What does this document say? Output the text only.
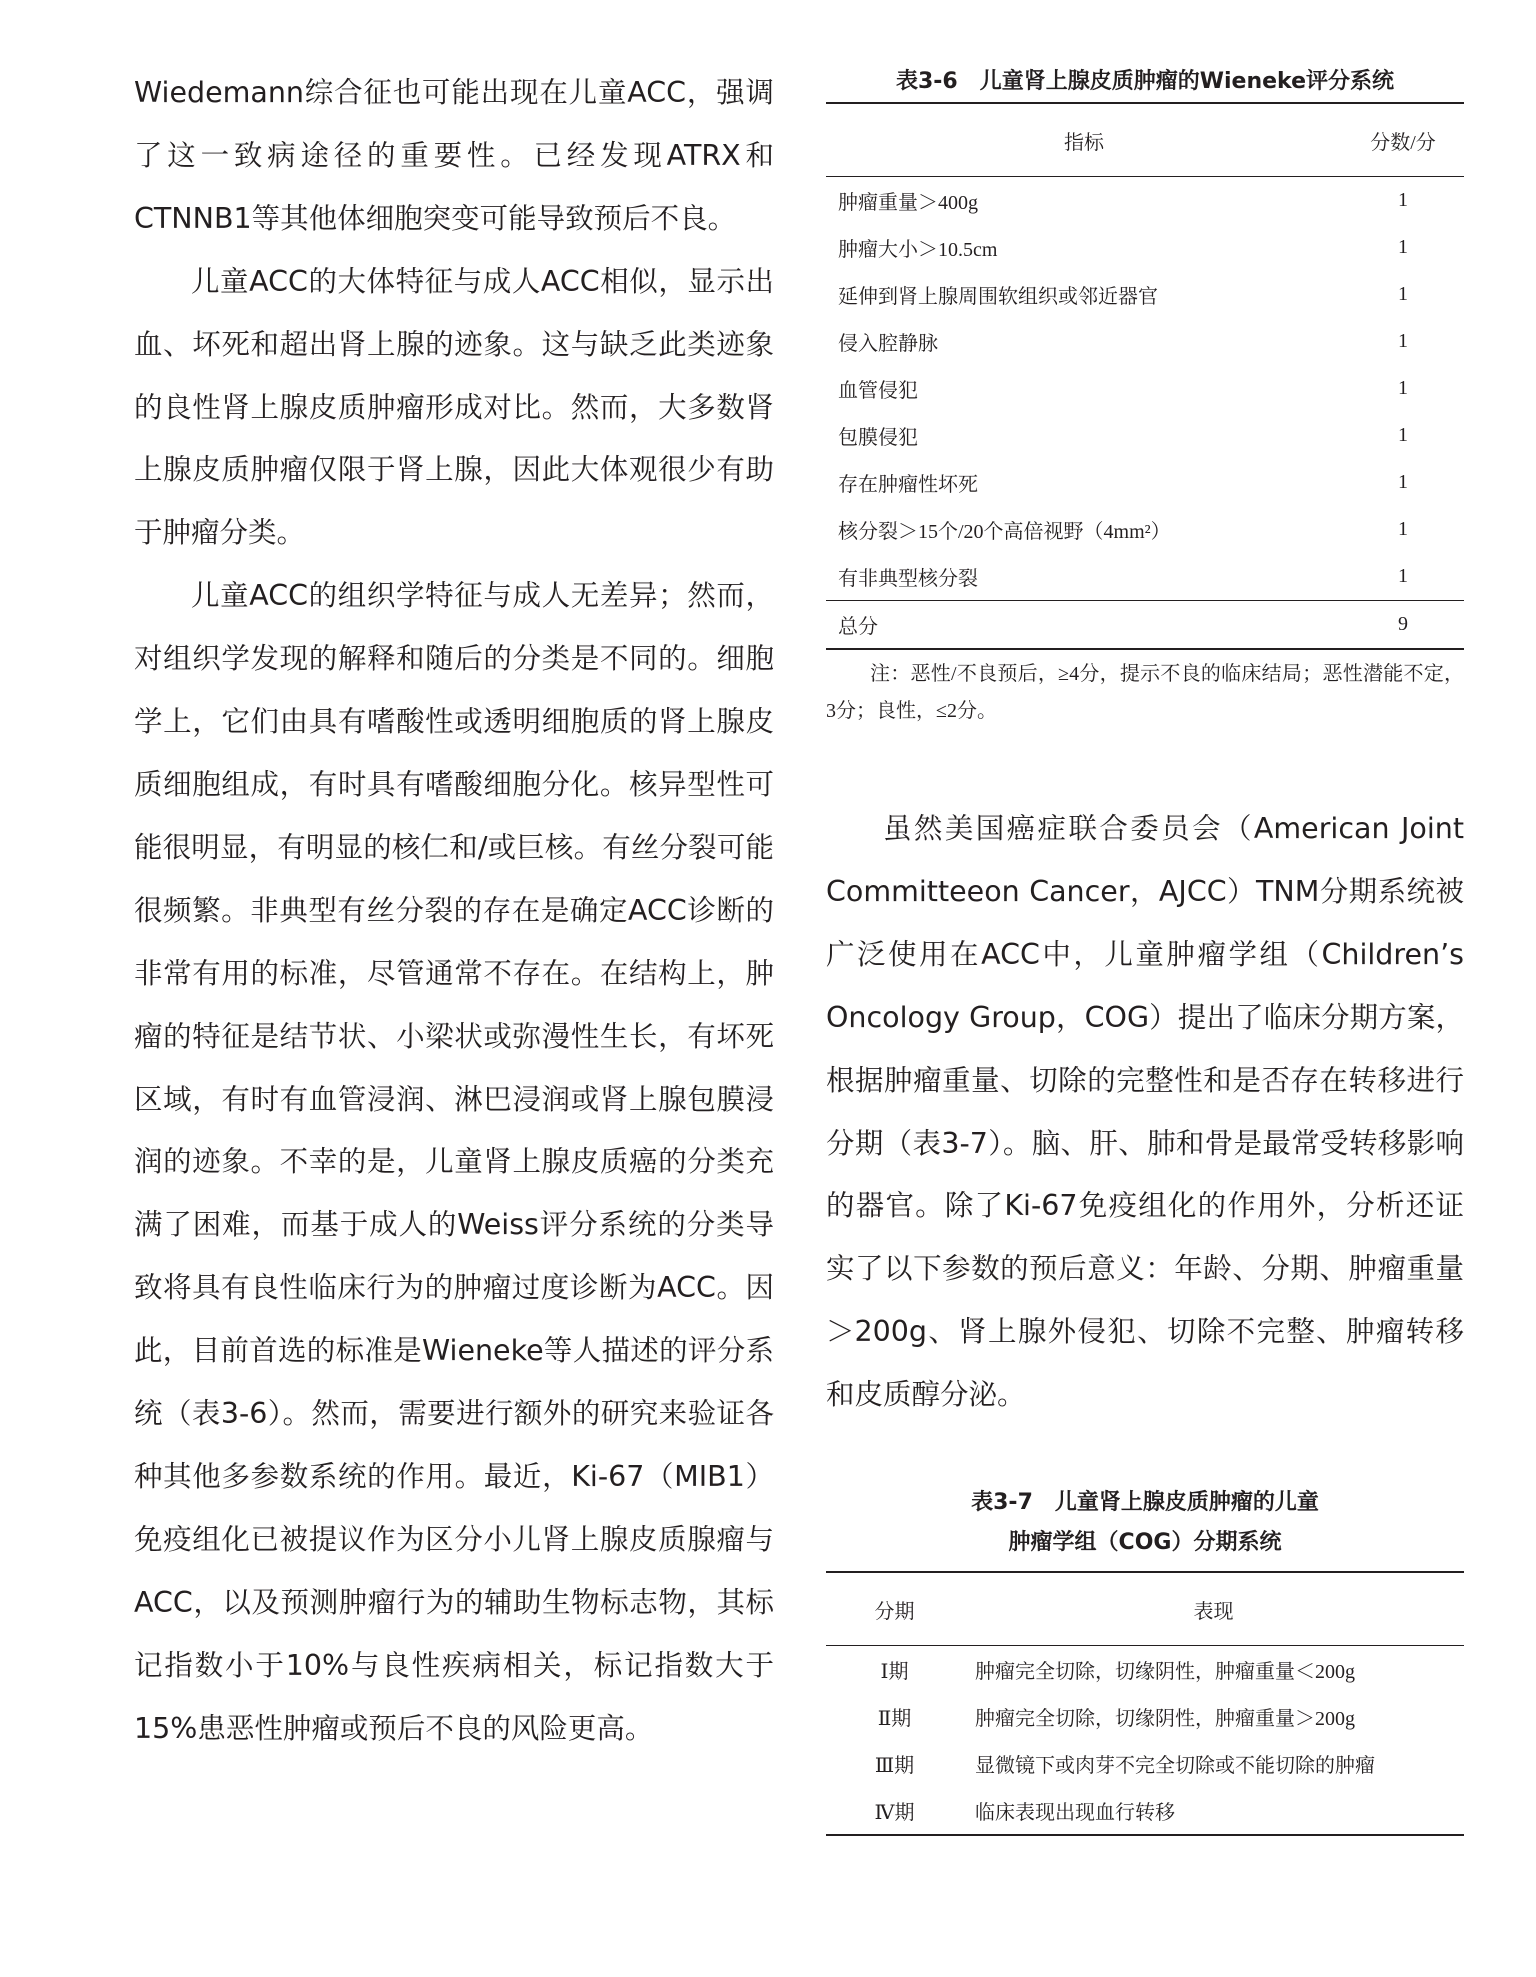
Wiedemann综合征也可能出现在儿童ACC，强调了这一致病途径的重要性。已经发现ATRX和CTNNB1等其他体细胞突变可能导致预后不良。

儿童ACC的大体特征与成人ACC相似，显示出血、坏死和超出肾上腺的迹象。这与缺乏此类迹象的良性肾上腺皮质肿瘤形成对比。然而，大多数肾上腺皮质肿瘤仅限于肾上腺，因此大体观很少有助于肿瘤分类。

儿童ACC的组织学特征与成人无差异；然而，对组织学发现的解释和随后的分类是不同的。细胞学上，它们由具有嗜酸性或透明细胞质的肾上腺皮质细胞组成，有时具有嗜酸细胞分化。核异型性可能很明显，有明显的核仁和/或巨核。有丝分裂可能很频繁。非典型有丝分裂的存在是确定ACC诊断的非常有用的标准，尽管通常不存在。在结构上，肿瘤的特征是结节状、小梁状或弥漫性生长，有坏死区域，有时有血管浸润、淋巴浸润或肾上腺包膜浸润的迹象。不幸的是，儿童肾上腺皮质癌的分类充满了困难，而基于成人的Weiss评分系统的分类导致将具有良性临床行为的肿瘤过度诊断为ACC。因此，目前首选的标准是Wieneke等人描述的评分系统（表3-6）。然而，需要进行额外的研究来验证各种其他多参数系统的作用。最近，Ki-67（MIB1）免疫组化已被提议作为区分小儿肾上腺皮质腺瘤与ACC，以及预测肿瘤行为的辅助生物标志物，其标记指数小于10%与良性疾病相关，标记指数大于15%患恶性肿瘤或预后不良的风险更高。

表3-6　儿童肾上腺皮质肿瘤的Wieneke评分系统
指标	分数/分
肿瘤重量＞400g	1
肿瘤大小＞10.5cm	1
延伸到肾上腺周围软组织或邻近器官	1
侵入腔静脉	1
血管侵犯	1
包膜侵犯	1
存在肿瘤性坏死	1
核分裂＞15个/20个高倍视野（4mm²）	1
有非典型核分裂	1
总分	9
注：恶性/不良预后，≥4分，提示不良的临床结局；恶性潜能不定，3分；良性，≤2分。

虽然美国癌症联合委员会（American Joint Committeeon Cancer，AJCC）TNM分期系统被广泛使用在ACC中，儿童肿瘤学组（Children’s Oncology Group，COG）提出了临床分期方案，根据肿瘤重量、切除的完整性和是否存在转移进行分期（表3-7）。脑、肝、肺和骨是最常受转移影响的器官。除了Ki-67免疫组化的作用外，分析还证实了以下参数的预后意义：年龄、分期、肿瘤重量＞200g、肾上腺外侵犯、切除不完整、肿瘤转移和皮质醇分泌。

表3-7　儿童肾上腺皮质肿瘤的儿童
肿瘤学组（COG）分期系统
分期	表现
Ⅰ期	肿瘤完全切除，切缘阴性，肿瘤重量＜200g
Ⅱ期	肿瘤完全切除，切缘阴性，肿瘤重量＞200g
Ⅲ期	显微镜下或肉芽不完全切除或不能切除的肿瘤
Ⅳ期	临床表现出现血行转移
